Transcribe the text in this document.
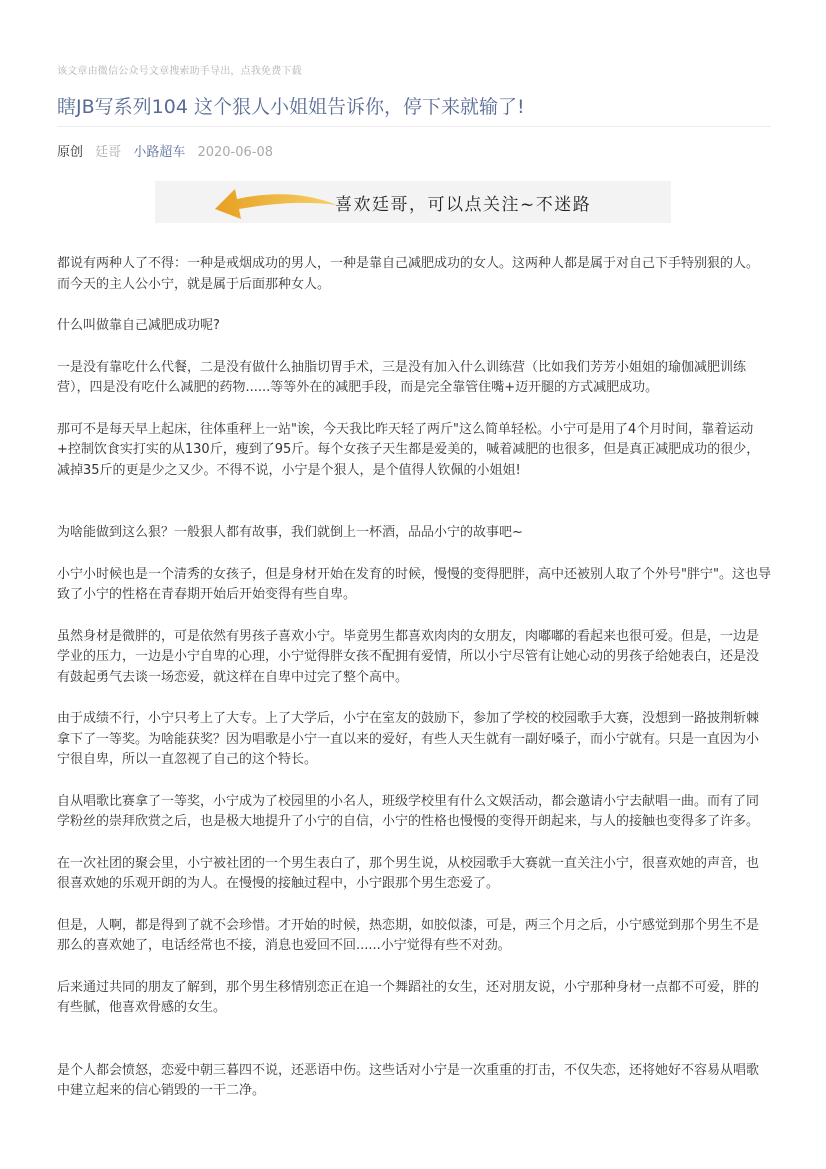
该文章由微信公众号文章搜索助手导出，点我免费下载
瞎JB写系列104 这个狠人小姐姐告诉你，停下来就输了!
原创 廷哥 小路超车 2020-06-08
喜欢廷哥，可以点关注~不迷路

都说有两种人了不得：一种是戒烟成功的男人，一种是靠自己减肥成功的女人。这两种人都是属于对自己下手特别狠的人。而今天的主人公小宁，就是属于后面那种女人。

什么叫做靠自己减肥成功呢?

一是没有靠吃什么代餐，二是没有做什么抽脂切胃手术，三是没有加入什么训练营（比如我们芳芳小姐姐的瑜伽减肥训练营），四是没有吃什么减肥的药物......等等外在的减肥手段，而是完全靠管住嘴+迈开腿的方式减肥成功。

那可不是每天早上起床，往体重秤上一站"诶，今天我比昨天轻了两斤"这么简单轻松。小宁可是用了4个月时间，靠着运动+控制饮食实打实的从130斤，瘦到了95斤。每个女孩子天生都是爱美的，喊着减肥的也很多，但是真正减肥成功的很少，减掉35斤的更是少之又少。不得不说，小宁是个狠人，是个值得人钦佩的小姐姐!

为啥能做到这么狠？一般狠人都有故事，我们就倒上一杯酒，品品小宁的故事吧~

小宁小时候也是一个清秀的女孩子，但是身材开始在发育的时候，慢慢的变得肥胖，高中还被别人取了个外号"胖宁"。这也导致了小宁的性格在青春期开始后开始变得有些自卑。

虽然身材是微胖的，可是依然有男孩子喜欢小宁。毕竟男生都喜欢肉肉的女朋友，肉嘟嘟的看起来也很可爱。但是，一边是学业的压力，一边是小宁自卑的心理，小宁觉得胖女孩不配拥有爱情，所以小宁尽管有让她心动的男孩子给她表白，还是没有鼓起勇气去谈一场恋爱，就这样在自卑中过完了整个高中。

由于成绩不行，小宁只考上了大专。上了大学后，小宁在室友的鼓励下，参加了学校的校园歌手大赛，没想到一路披荆斩棘拿下了一等奖。为啥能获奖？因为唱歌是小宁一直以来的爱好，有些人天生就有一副好嗓子，而小宁就有。只是一直因为小宁很自卑，所以一直忽视了自己的这个特长。

自从唱歌比赛拿了一等奖，小宁成为了校园里的小名人，班级学校里有什么文娱活动，都会邀请小宁去献唱一曲。而有了同学粉丝的崇拜欣赏之后，也是极大地提升了小宁的自信，小宁的性格也慢慢的变得开朗起来，与人的接触也变得多了许多。

在一次社团的聚会里，小宁被社团的一个男生表白了，那个男生说，从校园歌手大赛就一直关注小宁，很喜欢她的声音，也很喜欢她的乐观开朗的为人。在慢慢的接触过程中，小宁跟那个男生恋爱了。

但是，人啊，都是得到了就不会珍惜。才开始的时候，热恋期，如胶似漆，可是，两三个月之后，小宁感觉到那个男生不是那么的喜欢她了，电话经常也不接，消息也爱回不回......小宁觉得有些不对劲。

后来通过共同的朋友了解到，那个男生移情别恋正在追一个舞蹈社的女生，还对朋友说，小宁那种身材一点都不可爱，胖的有些腻，他喜欢骨感的女生。

是个人都会愤怒，恋爱中朝三暮四不说，还恶语中伤。这些话对小宁是一次重重的打击，不仅失恋，还将她好不容易从唱歌中建立起来的信心销毁的一干二净。
